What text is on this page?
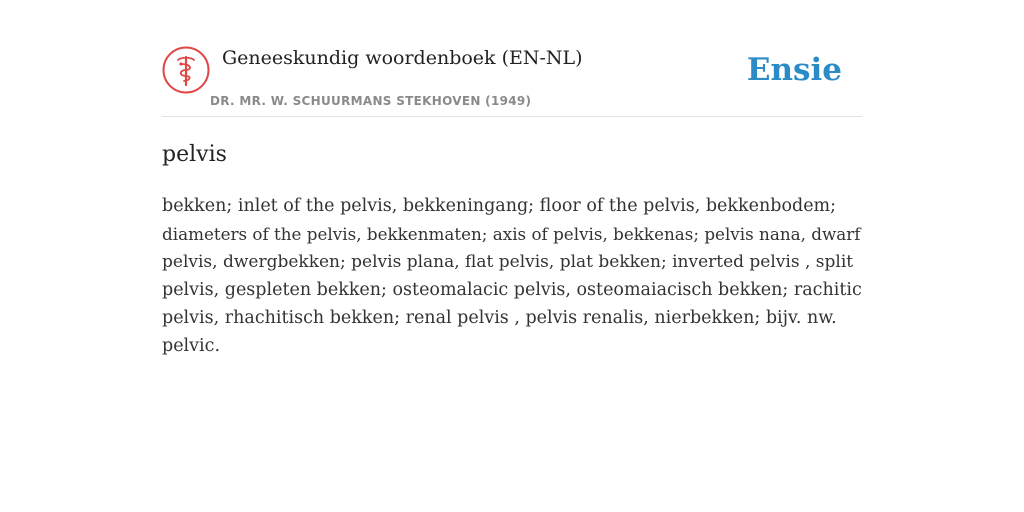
Geneeskundig woordenboek (EN-NL)
DR. MR. W. SCHUURMANS STEKHOVEN (1949)
Ensie
pelvis
bekken; inlet of the pelvis, bekkeningang; floor of the pelvis, bekkenbodem;
diameters of the pelvis, bekkenmaten; axis of pelvis, bekkenas; pelvis nana, dwarf
pelvis, dwergbekken; pelvis plana, flat pelvis, plat bekken; inverted pelvis , split
pelvis, gespleten bekken; osteomalacic pelvis, osteomaiacisch bekken; rachitic
pelvis, rhachitisch bekken; renal pelvis , pelvis renalis, nierbekken; bijv. nw.
pelvic.
